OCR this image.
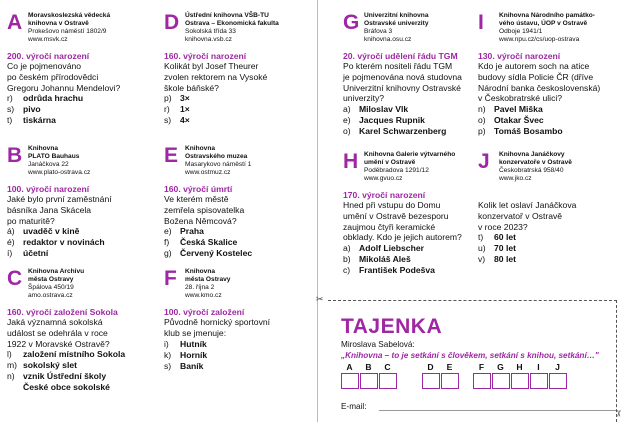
A Moravskoslezská vědecká
knihovna v Ostravě
Prokešovo náměstí 1802/9
www.msvk.cz
200. výročí narození
Co je pojmenováno
po českém přírodovědci
Gregoru Johannu Mendelovi?
r)	odrůda hrachu
s)	pivo
t)	tiskárna
B Knihovna
PLATO Bauhaus
Janáčkova 22
www.plato-ostrava.cz
100. výročí narození
Jaké bylo první zaměstnání
básníka Jana Skácela
po maturitě?
á) uvaděč v kině
é) redaktor v novinách
í)	účetní
C Knihovna Archivu
města Ostravy
Špálova 450/19
amo.ostrava.cz
160. výročí založení Sokola
Jaká významná sokolská
událost se odehrála v roce
1922 v Moravské Ostravě?
l)	založení místního Sokola
m) sokolský slet
n) vznik Ústřední školy
České obce sokolské
D Ústřední knihovna VŠB-TU
Ostrava – Ekonomická fakulta
Sokolská třída 33
knihovna.vsb.cz
160. výročí narození
Kolikát byl Josef Theurer
zvolen rektorem na Vysoké
škole báňské?
p) 3×
r)	1×
s)	4×
E	Knihovna
Ostravského muzea
Masarykovo náměstí 1
www.ostmuz.cz
160. výročí úmrtí
Ve kterém městě
zemřela spisovatelka
Božena Němcová?
e) Praha
f)	Česká Skalice
g) Červený Kostelec
F	Knihovna
města Ostravy
28. října 2
www.kmo.cz
100. výročí založení
Původně hornický sportovní
klub se jmenuje:
i)	Hutník
k)	Horník
s)	Baník
G Univerzitní knihovna
Ostravské univerzity
Bráfova 3
knihovna.osu.cz
20. výročí udělení řádu TGM
Po kterém nositeli řádu TGM
je pojmenována nová studovna
Univerzitní knihovny Ostravské
univerzity?
a) Miloslav Vlk
e) Jacques Rupnik
o) Karel Schwarzenberg
H Knihovna Galerie výtvarného
umění v Ostravě
Poděbradova 1291/12
www.gvuo.cz
170. výročí narození
Hned při vstupu do Domu
umění v Ostravě bezesporu
zaujmou čtyři keramické
obklady. Kdo je jejich autorem?
a) Adolf Liebscher
b) Mikoláš Aleš
c)	František Podešva
I	Knihovna Národního památko-
vého ústavu, ÚOP v Ostravě
Odboje 1941/1
www.npu.cz/cs/uop-ostrava
130. výročí narození
Kdo je autorem soch na atice
budovy sídla Policie ČR (dříve
Národní banka československá)
v Českobratrské ulici?
n) Pavel Miška
o) Otakar Švec
p) Tomáš Bosambo
J	Knihovna Janáčkovy
konzervatoře v Ostravě
Českobratrská 958/40
www.jko.cz
Kolik let oslaví Janáčkova
konzervatoř v Ostravě
v roce 2023?
t)	60 let
u) 70 let
v)	80 let
✂
✂
TAJENKA
Miroslava Sabelová:
„Knihovna – to je setkání s člověkem, setkání s knihou, setkání…"
A	B	C	D	E	F	G	H	I	J
E-mail:
